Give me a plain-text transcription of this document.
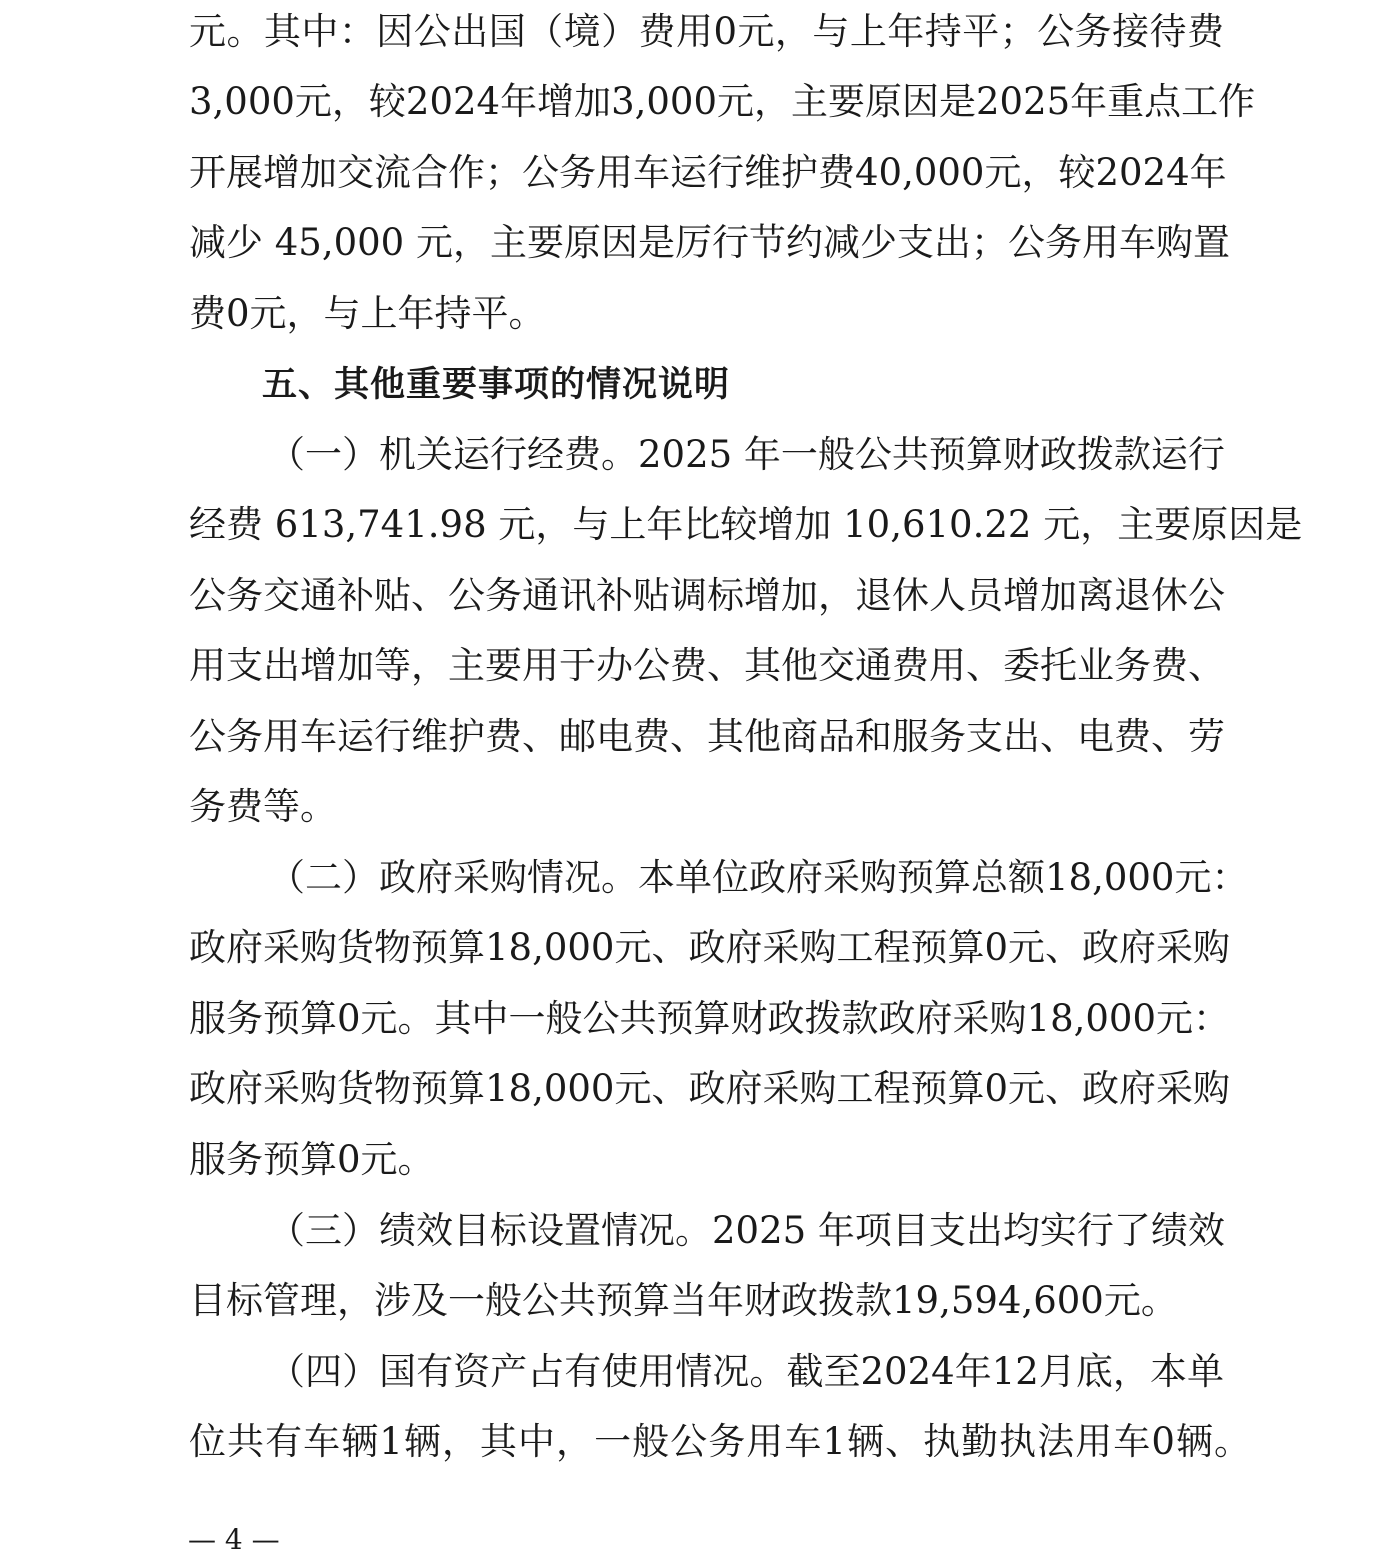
元。其中：因公出国（境）费用0元，与上年持平；公务接待费
3,000元，较2024年增加3,000元，主要原因是2025年重点工作
开展增加交流合作；公务用车运行维护费40,000元，较2024年
减少 45,000 元，主要原因是厉行节约减少支出；公务用车购置
费0元，与上年持平。
五、其他重要事项的情况说明
（一）机关运行经费。2025 年一般公共预算财政拨款运行
经费 613,741.98 元，与上年比较增加 10,610.22 元，主要原因是
公务交通补贴、公务通讯补贴调标增加，退休人员增加离退休公
用支出增加等，主要用于办公费、其他交通费用、委托业务费、
公务用车运行维护费、邮电费、其他商品和服务支出、电费、劳
务费等。
（二）政府采购情况。本单位政府采购预算总额18,000元：
政府采购货物预算18,000元、政府采购工程预算0元、政府采购
服务预算0元。其中一般公共预算财政拨款政府采购18,000元：
政府采购货物预算18,000元、政府采购工程预算0元、政府采购
服务预算0元。
（三）绩效目标设置情况。2025 年项目支出均实行了绩效
目标管理，涉及一般公共预算当年财政拨款19,594,600元。
（四）国有资产占有使用情况。截至2024年12月底，本单
位共有车辆1辆，其中，一般公务用车1辆、执勤执法用车0辆。
— 4 —
